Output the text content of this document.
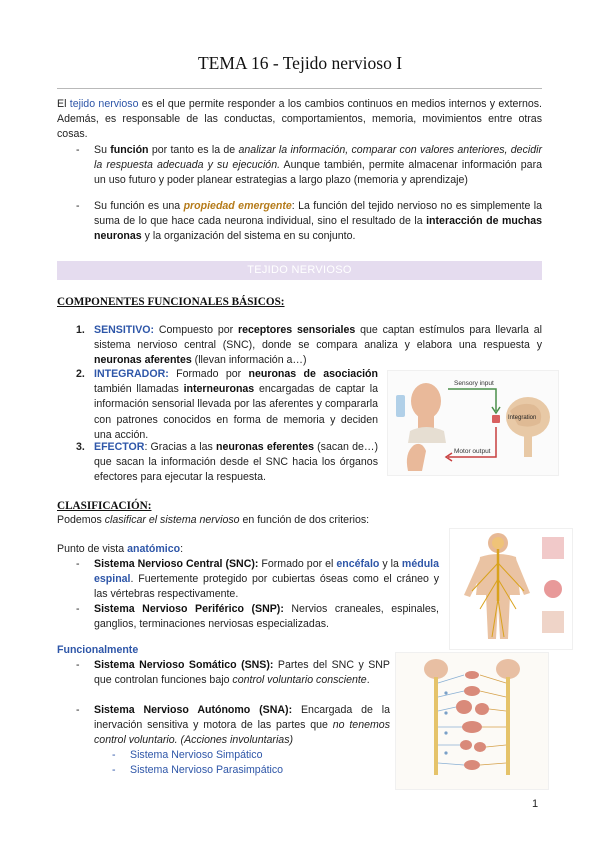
TEMA 16 - Tejido nervioso I
El tejido nervioso es el que permite responder a los cambios continuos en medios internos y externos. Además, es responsable de las conductas, comportamientos, memoria, movimientos entre otras cosas.
- Su función por tanto es la de analizar la información, comparar con valores anteriores, decidir la respuesta adecuada y su ejecución. Aunque también, permite almacenar información para un uso futuro y poder planear estrategias a largo plazo (memoria y aprendizaje)
- Su función es una propiedad emergente: La función del tejido nervioso no es simplemente la suma de lo que hace cada neurona individual, sino el resultado de la interacción de muchas neuronas y la organización del sistema en su conjunto.
TEJIDO NERVIOSO
COMPONENTES FUNCIONALES BÁSICOS:
1. SENSITIVO: Compuesto por receptores sensoriales que captan estímulos para llevarla al sistema nervioso central (SNC), donde se compara analiza y elabora una respuesta y neuronas aferentes (llevan información a…)
2. INTEGRADOR: Formado por neuronas de asociación también llamadas interneuronas encargadas de captar la información sensorial llevada por las aferentes y compararla con patrones conocidos en forma de memoria y deciden una acción.
3. EFECTOR: Gracias a las neuronas eferentes (sacan de…) que sacan la información desde el SNC hacia los órganos efectores para ejecutar la respuesta.
Sensory input
Integration
Motor output
CLASIFICACIÓN:
Podemos clasificar el sistema nervioso en función de dos criterios:
Punto de vista anatómico:
- Sistema Nervioso Central (SNC): Formado por el encéfalo y la médula espinal. Fuertemente protegido por cubiertas óseas como el cráneo y las vértebras respectivamente.
- Sistema Nervioso Periférico (SNP): Nervios craneales, espinales, ganglios, terminaciones nerviosas especializadas.
Funcionalmente
- Sistema Nervioso Somático (SNS): Partes del SNC y SNP que controlan funciones bajo control voluntario consciente.
- Sistema Nervioso Autónomo (SNA): Encargada de la inervación sensitiva y motora de las partes que no tenemos control voluntario. (Acciones involuntarias)
- Sistema Nervioso Simpático
- Sistema Nervioso Parasimpático
1
